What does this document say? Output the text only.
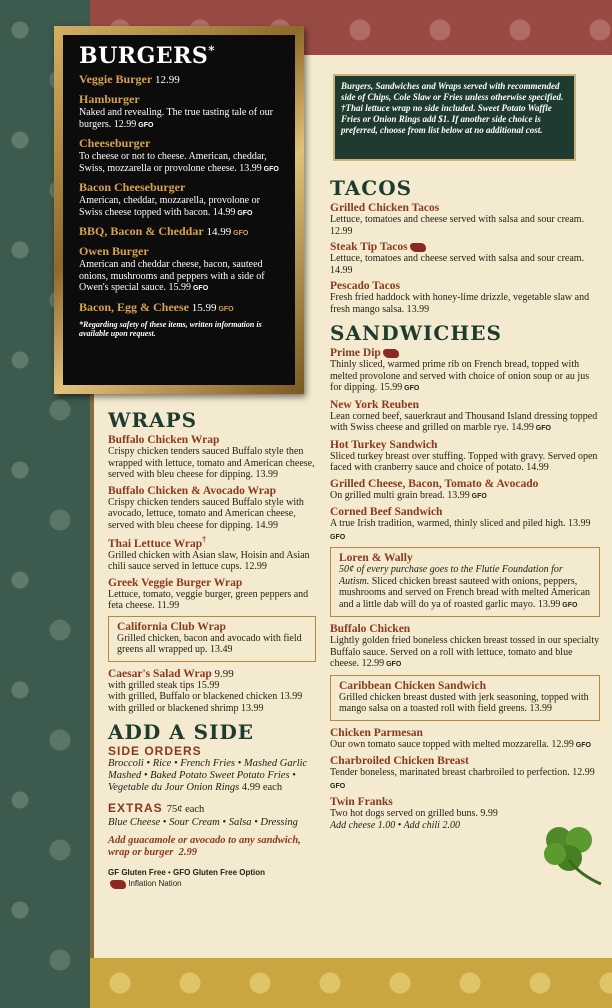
BURGERS*
Veggie Burger 12.99
Hamburger
Naked and revealing. The true tasting tale of our burgers. 12.99 GFO
Cheeseburger
To cheese or not to cheese. American, cheddar, Swiss, mozzarella or provolone cheese. 13.99 GFO
Bacon Cheeseburger
American, cheddar, mozzarella, provolone or Swiss cheese topped with bacon. 14.99 GFO
BBQ, Bacon & Cheddar 14.99 GFO
Owen Burger
American and cheddar cheese, bacon, sauteed onions, mushrooms and peppers with a side of Owen's special sauce. 15.99 GFO
Bacon, Egg & Cheese 15.99 GFO
*Regarding safety of these items, written information is available upon request.
Burgers, Sandwiches and Wraps served with recommended side of Chips, Cole Slaw or Fries unless otherwise specified. †Thai lettuce wrap no side included. Sweet Potato Waffle Fries or Onion Rings add $1. If another side choice is preferred, choose from list below at no additional cost.
TACOS
Grilled Chicken Tacos
Lettuce, tomatoes and cheese served with salsa and sour cream. 12.99
Steak Tip Tacos
Lettuce, tomatoes and cheese served with salsa and sour cream. 14.99
Pescado Tacos
Fresh fried haddock with honey-lime drizzle, vegetable slaw and fresh mango salsa. 13.99
SANDWICHES
Prime Dip
Thinly sliced, warmed prime rib on French bread, topped with melted provolone and served with choice of onion soup or au jus for dipping. 15.99 GFO
New York Reuben
Lean corned beef, sauerkraut and Thousand Island dressing topped with Swiss cheese and grilled on marble rye. 14.99 GFO
Hot Turkey Sandwich
Sliced turkey breast over stuffing. Topped with gravy. Served open faced with cranberry sauce and choice of potato. 14.99
Grilled Cheese, Bacon, Tomato & Avocado
On grilled multi grain bread. 13.99 GFO
Corned Beef Sandwich
A true Irish tradition, warmed, thinly sliced and piled high. 13.99 GFO
Loren & Wally
50¢ of every purchase goes to the Flutie Foundation for Autism. Sliced chicken breast sauteed with onions, peppers, mushrooms and served on French bread with melted American and a little dab will do ya of roasted garlic mayo. 13.99 GFO
Buffalo Chicken
Lightly golden fried boneless chicken breast tossed in our specialty Buffalo sauce. Served on a roll with lettuce, tomato and blue cheese. 12.99 GFO
Caribbean Chicken Sandwich
Grilled chicken breast dusted with jerk seasoning, topped with mango salsa on a toasted roll with field greens. 13.99
Chicken Parmesan
Our own tomato sauce topped with melted mozzarella. 12.99 GFO
Charbroiled Chicken Breast
Tender boneless, marinated breast charbroiled to perfection. 12.99 GFO
Twin Franks
Two hot dogs served on grilled buns. 9.99
Add cheese 1.00 • Add chili 2.00
WRAPS
Buffalo Chicken Wrap
Crispy chicken tenders sauced Buffalo style then wrapped with lettuce, tomato and American cheese, served with bleu cheese for dipping. 13.99
Buffalo Chicken & Avocado Wrap
Crispy chicken tenders sauced Buffalo style with avocado, lettuce, tomato and American cheese, served with bleu cheese for dipping. 14.99
Thai Lettuce Wrap†
Grilled chicken with Asian slaw, Hoisin and Asian chili sauce served in lettuce cups. 12.99
Greek Veggie Burger Wrap
Lettuce, tomato, veggie burger, green peppers and feta cheese. 11.99
California Club Wrap
Grilled chicken, bacon and avocado with field greens all wrapped up. 13.49
Caesar's Salad Wrap 9.99
with grilled steak tips 15.99
with grilled, Buffalo or blackened chicken 13.99
with grilled or blackened shrimp 13.99
ADD A SIDE
SIDE ORDERS
Broccoli • Rice • French Fries • Mashed Garlic Mashed • Baked Potato Sweet Potato Fries • Vegetable du Jour Onion Rings 4.99 each
EXTRAS 75¢ each
Blue Cheese • Sour Cream • Salsa • Dressing
Add guacamole or avocado to any sandwich, wrap or burger 2.99
GF Gluten Free • GFO Gluten Free Option
Inflation Nation
